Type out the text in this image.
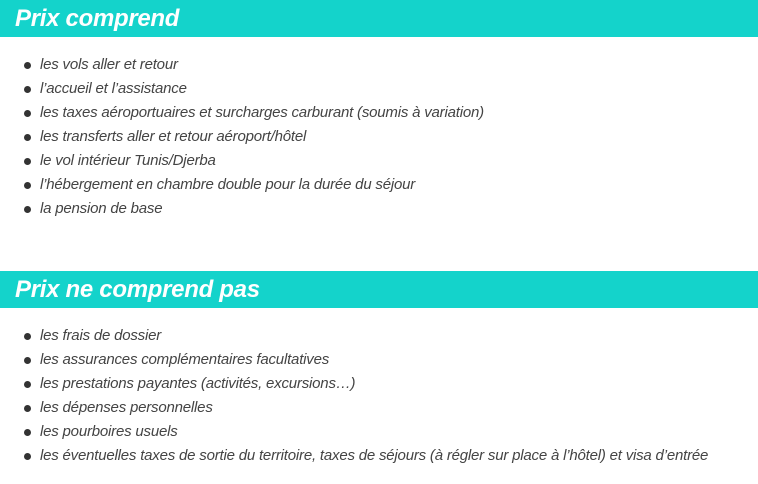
Prix comprend
les vols aller et retour
l’accueil et l’assistance
les taxes aéroportuaires et surcharges carburant (soumis à variation)
les transferts aller et retour aéroport/hôtel
le vol intérieur Tunis/Djerba
l’hébergement en chambre double pour la durée du séjour
la pension de base
Prix ne comprend pas
les frais de dossier
les assurances complémentaires facultatives
les prestations payantes (activités, excursions…)
les dépenses personnelles
les pourboires usuels
les éventuelles taxes de sortie du territoire, taxes de séjours (à régler sur place à l’hôtel) et visa d’entrée
